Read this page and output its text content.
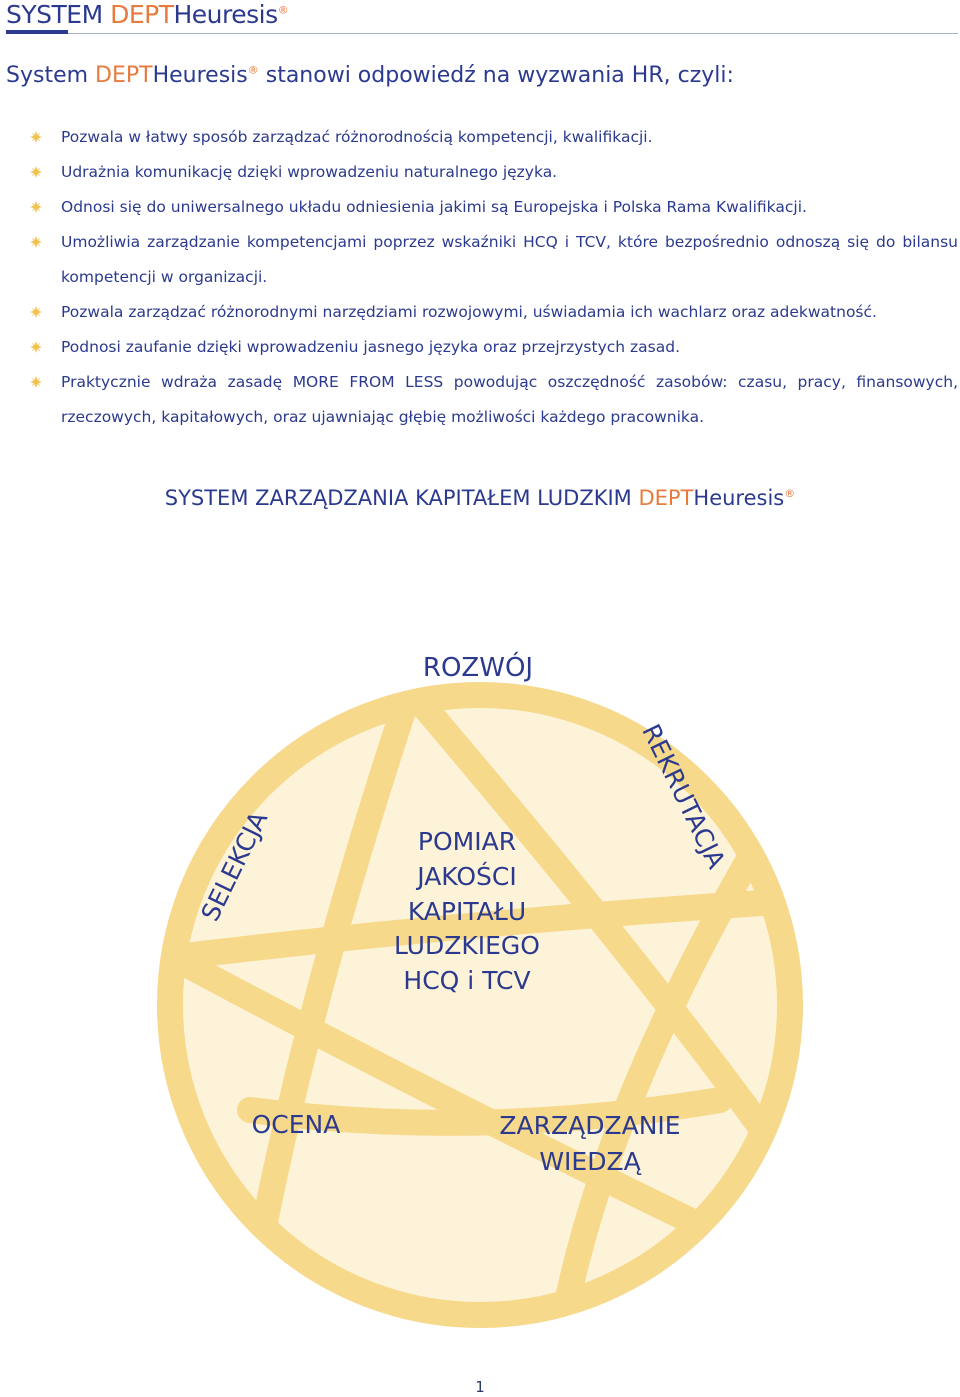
SYSTEM DEPTHeuresis®
System DEPTHeuresis® stanowi odpowiedź na wyzwania HR, czyli:
Pozwala w łatwy sposób zarządzać różnorodnością kompetencji, kwalifikacji.
Udrażnia komunikację dzięki wprowadzeniu naturalnego języka.
Odnosi się do uniwersalnego układu odniesienia jakimi są Europejska i Polska Rama Kwalifikacji.
Umożliwia zarządzanie kompetencjami poprzez wskaźniki HCQ i TCV, które bezpośrednio odnoszą się do bilansu kompetencji w organizacji.
Pozwala zarządzać różnorodnymi narzędziami rozwojowymi, uświadamia ich wachlarz oraz adekwatność.
Podnosi zaufanie dzięki wprowadzeniu jasnego języka oraz przejrzystych zasad.
Praktycznie wdraża zasadę MORE FROM LESS powodując oszczędność zasobów: czasu, pracy, finansowych, rzeczowych, kapitałowych, oraz ujawniając głębię możliwości każdego pracownika.
SYSTEM ZARZĄDZANIA KAPITAŁEM LUDZKIM DEPTHeuresis®
ROZWÓJ
REKRUTACJA
SELEKCJA
OCENA	ZARZĄDZANIE
WIEDZĄ
POMIAR
JAKOŚCI
KAPITAŁU
LUDZKIEGO
HCQ i TCV
1
